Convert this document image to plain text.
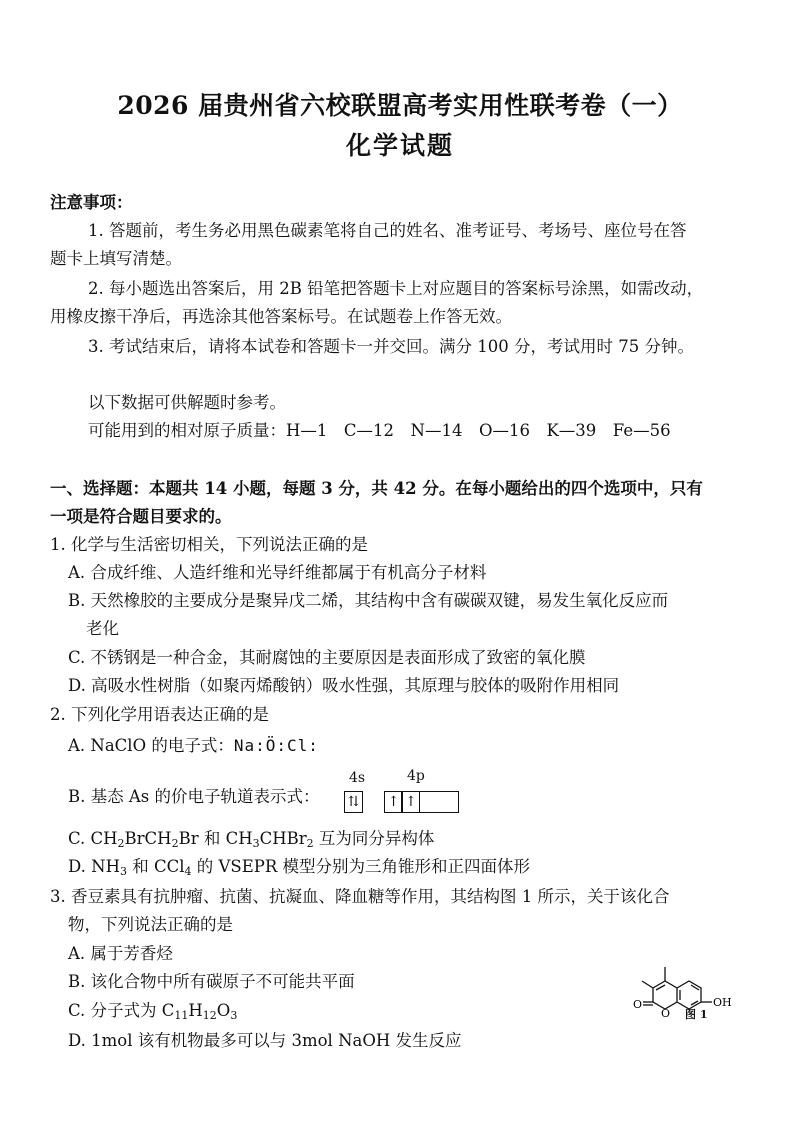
2026 届贵州省六校联盟高考实用性联考卷（一）
化学试题
注意事项：
1. 答题前，考生务必用黑色碳素笔将自己的姓名、准考证号、考场号、座位号在答
题卡上填写清楚。
2. 每小题选出答案后，用 2B 铅笔把答题卡上对应题目的答案标号涂黑，如需改动，
用橡皮擦干净后，再选涂其他答案标号。在试题卷上作答无效。
3. 考试结束后，请将本试卷和答题卡一并交回。满分 100 分，考试用时 75 分钟。
以下数据可供解题时参考。
可能用到的相对原子质量：H—1　C—12　N—14　O—16　K—39　Fe—56
一、选择题：本题共 14 小题，每题 3 分，共 42 分。在每小题给出的四个选项中，只有
一项是符合题目要求的。
1. 化学与生活密切相关，下列说法正确的是
A. 合成纤维、人造纤维和光导纤维都属于有机高分子材料
B. 天然橡胶的主要成分是聚异戊二烯，其结构中含有碳碳双键，易发生氧化反应而
老化
C. 不锈钢是一种合金，其耐腐蚀的主要原因是表面形成了致密的氧化膜
D. 高吸水性树脂（如聚丙烯酸钠）吸水性强，其原理与胶体的吸附作用相同
2. 下列化学用语表达正确的是
A. NaClO 的电子式：Na:Ö:Cl:
B. 基态 As 的价电子轨道表示式：
4s	4p
⇅ ↑ ↑
C. $CH_2BrCH_2Br$ 和 $CH_3CHBr_2$ 互为同分异构体
D. $NH_3$ 和 CCl$_4$ 的 VSEPR 模型分别为三角锥形和正四面体形
3. 香豆素具有抗肿瘤、抗菌、抗凝血、降血糖等作用，其结构图 1 所示，关于该化合
物，下列说法正确的是
A. 属于芳香烃
B. 该化合物中所有碳原子不可能共平面
C. 分子式为 $C_{11}H_{12}O_3$
D. 1mol 该有机物最多可以与 3mol NaOH 发生反应
O
O
OH
图 1
